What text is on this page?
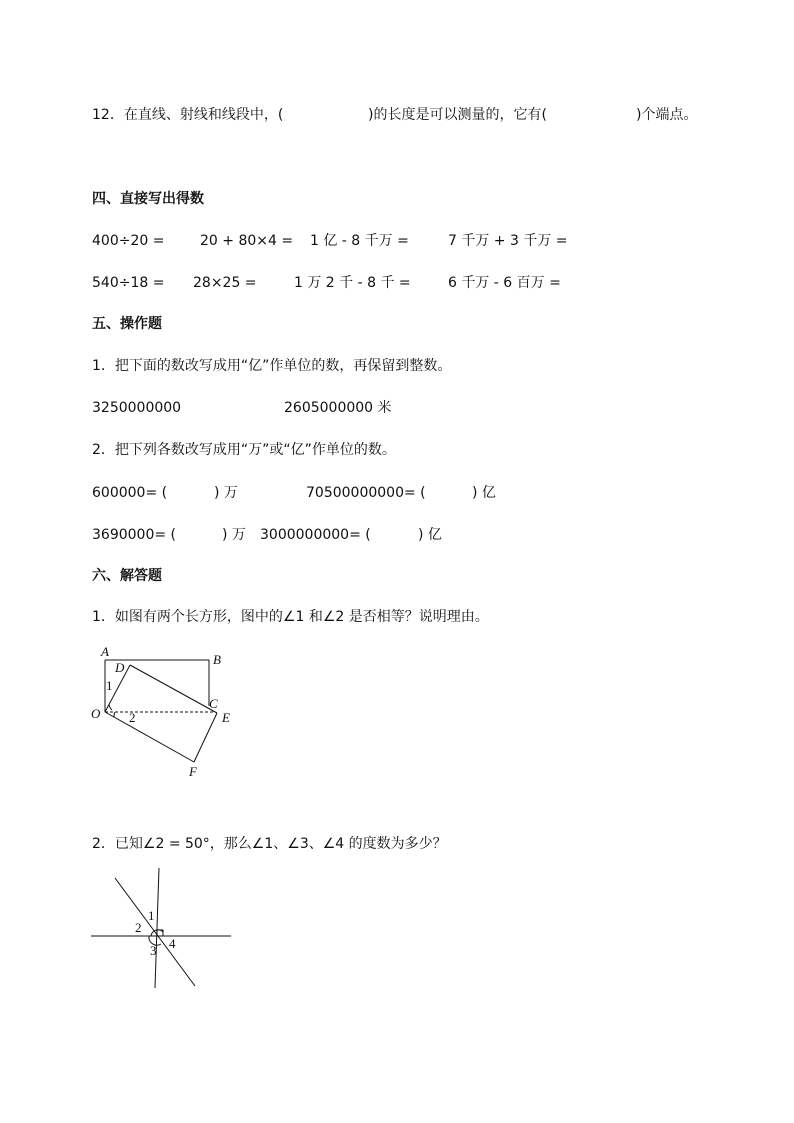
12．在直线、射线和线段中，(	)的长度是可以测量的，它有(	)个端点。
四、直接写出得数
400÷20 =	20 + 80×4 = 1 亿 - 8 千万 =	7 千万 + 3 千万 =
540÷18 = 28×25 =	1 万 2 千 - 8 千 =	6 千万 - 6 百万 =
五、操作题
1．把下面的数改写成用“亿”作单位的数，再保留到整数。
3250000000	2605000000 米
2．把下列各数改写成用“万”或“亿”作单位的数。
600000= (	) 万	70500000000= (	) 亿
3690000= (	) 万 3000000000= (	) 亿
六、解答题
1．如图有两个长方形，图中的∠1 和∠2 是否相等？说明理由。
A
B
C
D
E
F
O
1
2
2．已知∠2 = 50°，那么∠1、∠3、∠4 的度数为多少？
1
2
3 4
